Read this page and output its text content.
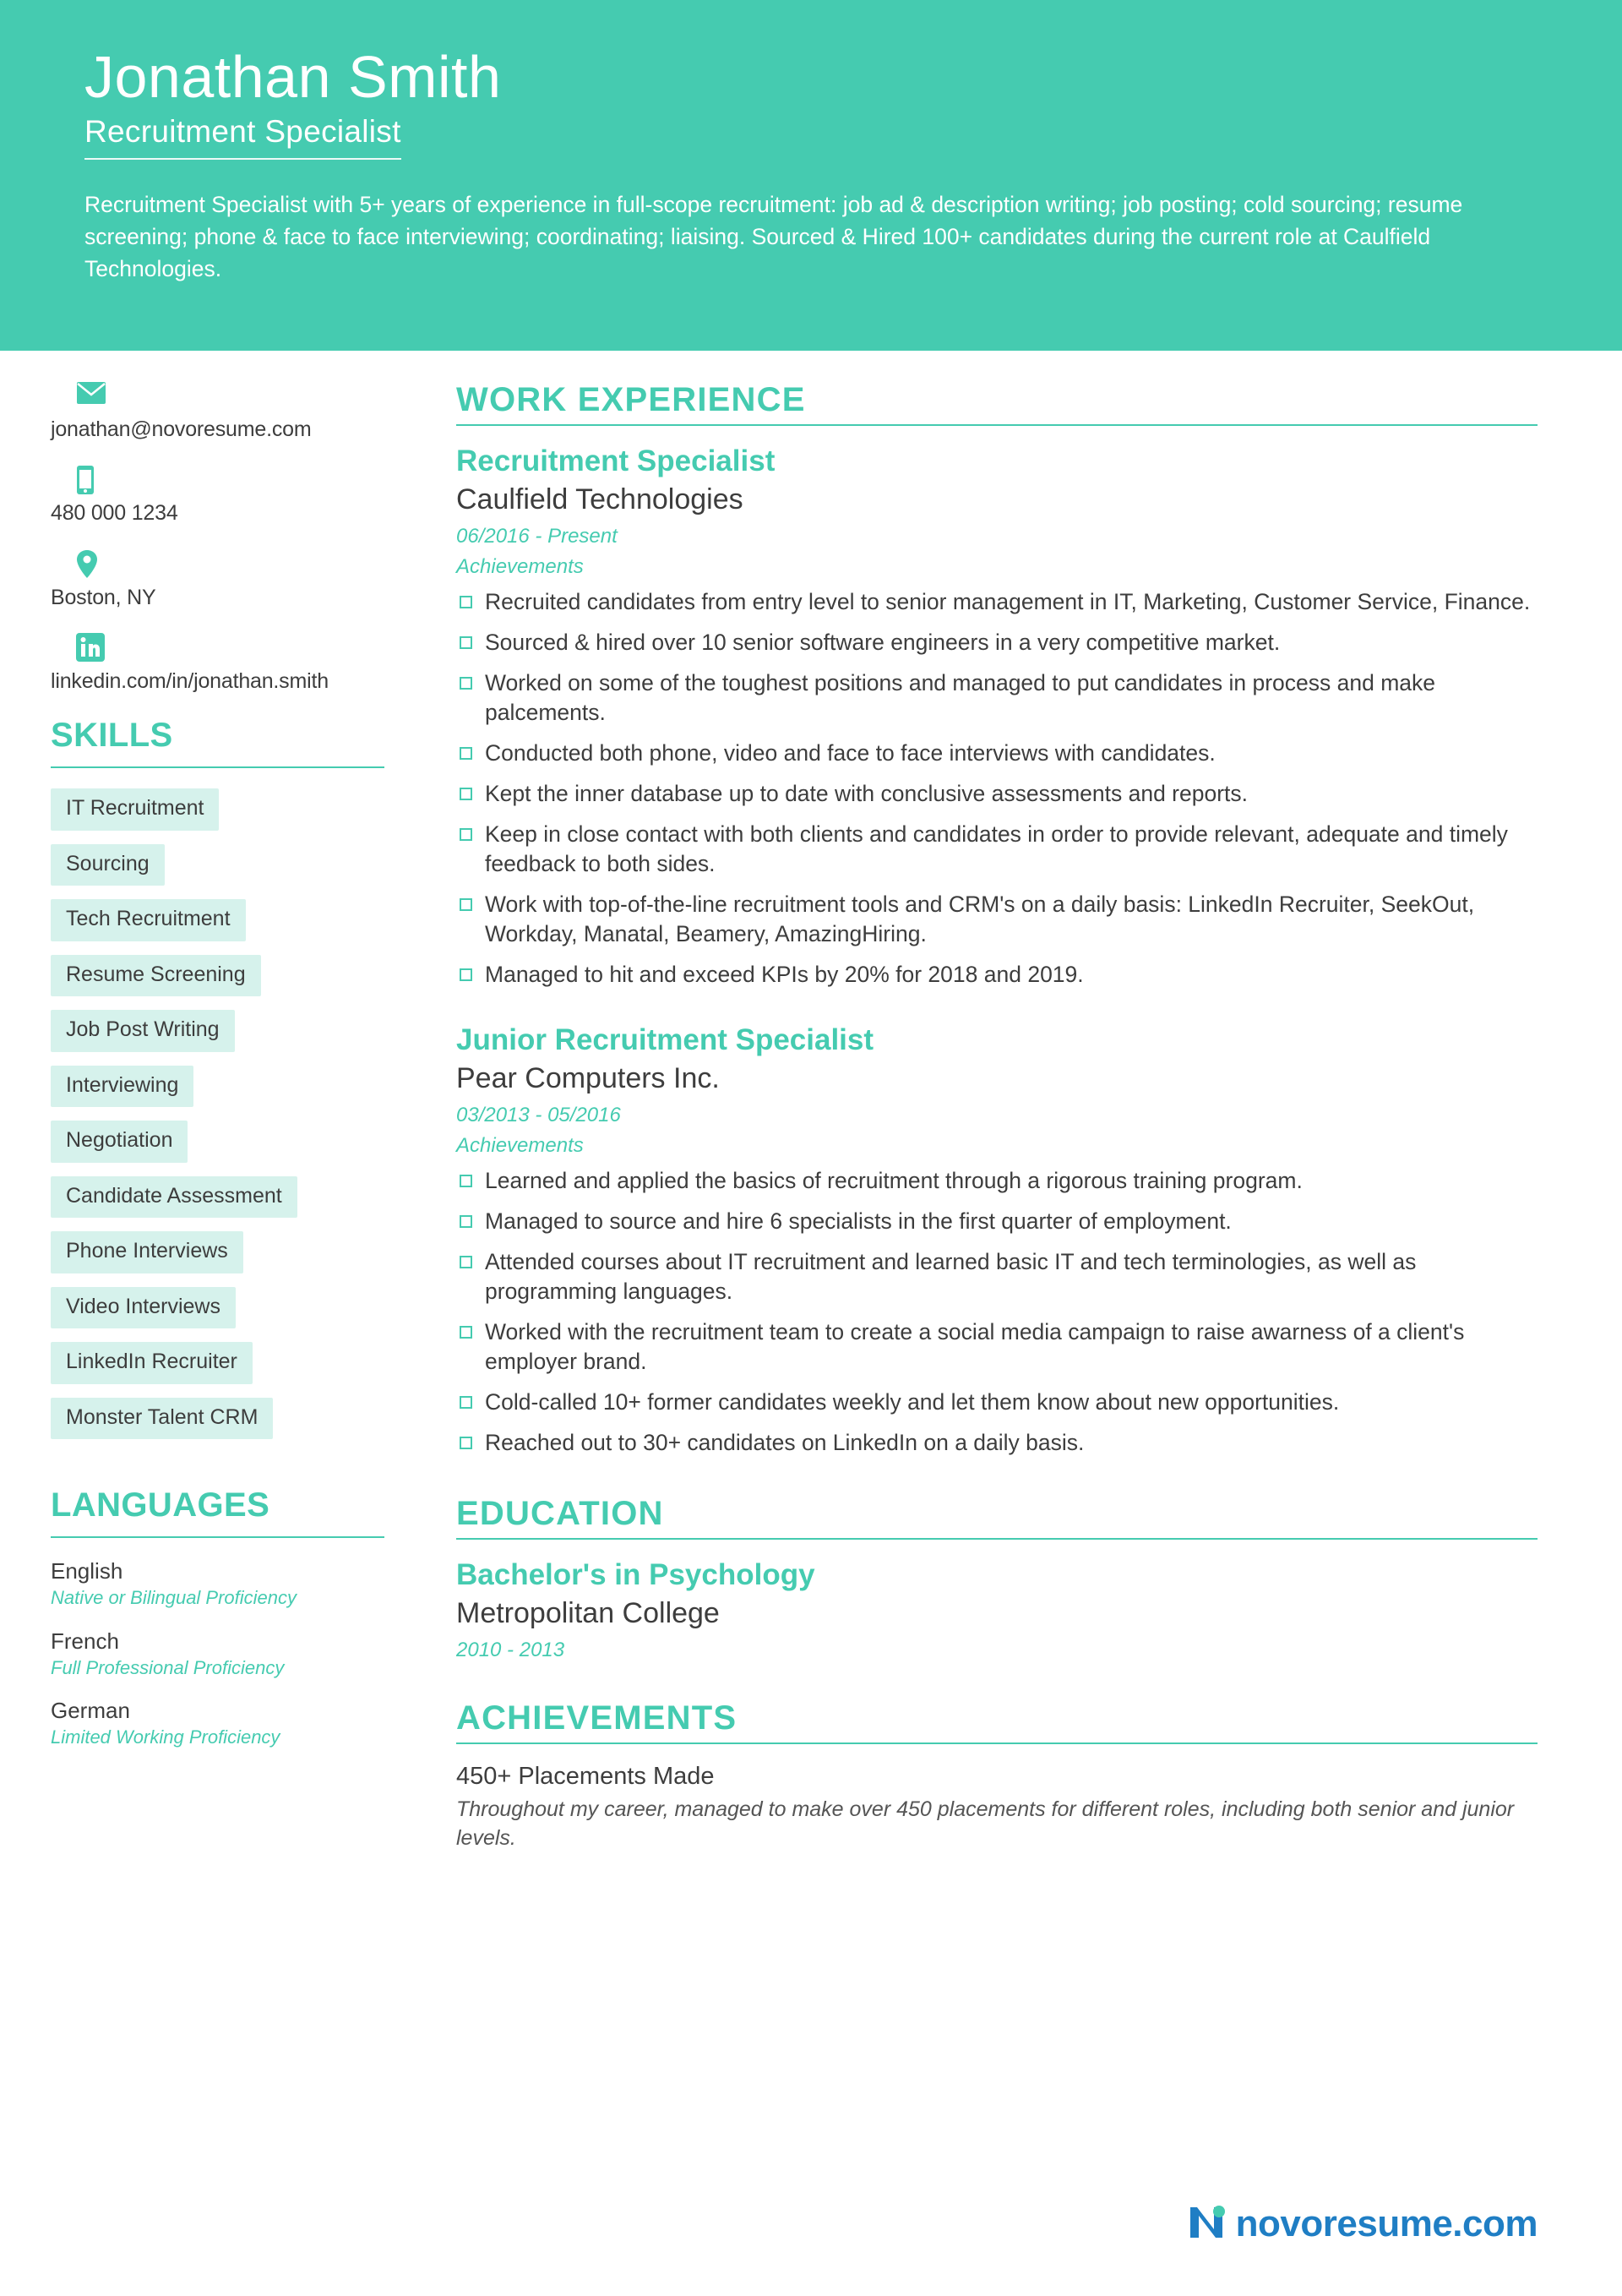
Jonathan Smith
Recruitment Specialist
Recruitment Specialist with 5+ years of experience in full-scope recruitment: job ad & description writing; job posting; cold sourcing; resume screening; phone & face to face interviewing; coordinating; liaising. Sourced & Hired 100+ candidates during the current role at Caulfield Technologies.
jonathan@novoresume.com
480 000 1234
Boston, NY
linkedin.com/in/jonathan.smith
SKILLS
IT Recruitment
Sourcing
Tech Recruitment
Resume Screening
Job Post Writing
Interviewing
Negotiation
Candidate Assessment
Phone Interviews
Video Interviews
LinkedIn Recruiter
Monster Talent CRM
LANGUAGES
English
Native or Bilingual Proficiency
French
Full Professional Proficiency
German
Limited Working Proficiency
WORK EXPERIENCE
Recruitment Specialist
Caulfield Technologies
06/2016 - Present
Achievements
Recruited candidates from entry level to senior management in IT, Marketing, Customer Service, Finance.
Sourced & hired over 10 senior software engineers in a very competitive market.
Worked on some of the toughest positions and managed to put candidates in process and make palcements.
Conducted both phone, video and face to face interviews with candidates.
Kept the inner database up to date with conclusive assessments and reports.
Keep in close contact with both clients and candidates in order to provide relevant, adequate and timely feedback to both sides.
Work with top-of-the-line recruitment tools and CRM's on a daily basis: LinkedIn Recruiter, SeekOut, Workday, Manatal, Beamery, AmazingHiring.
Managed to hit and exceed KPIs by 20% for 2018 and 2019.
Junior Recruitment Specialist
Pear Computers Inc.
03/2013 - 05/2016
Achievements
Learned and applied the basics of recruitment through a rigorous training program.
Managed to source and hire 6 specialists in the first quarter of employment.
Attended courses about IT recruitment and learned basic IT and tech terminologies, as well as programming languages.
Worked with the recruitment team to create a social media campaign to raise awarness of a client's employer brand.
Cold-called 10+ former candidates weekly and let them know about new opportunities.
Reached out to 30+ candidates on LinkedIn on a daily basis.
EDUCATION
Bachelor's in Psychology
Metropolitan College
2010 - 2013
ACHIEVEMENTS
450+ Placements Made
Throughout my career, managed to make over 450 placements for different roles, including both senior and junior levels.
novoresume.com
